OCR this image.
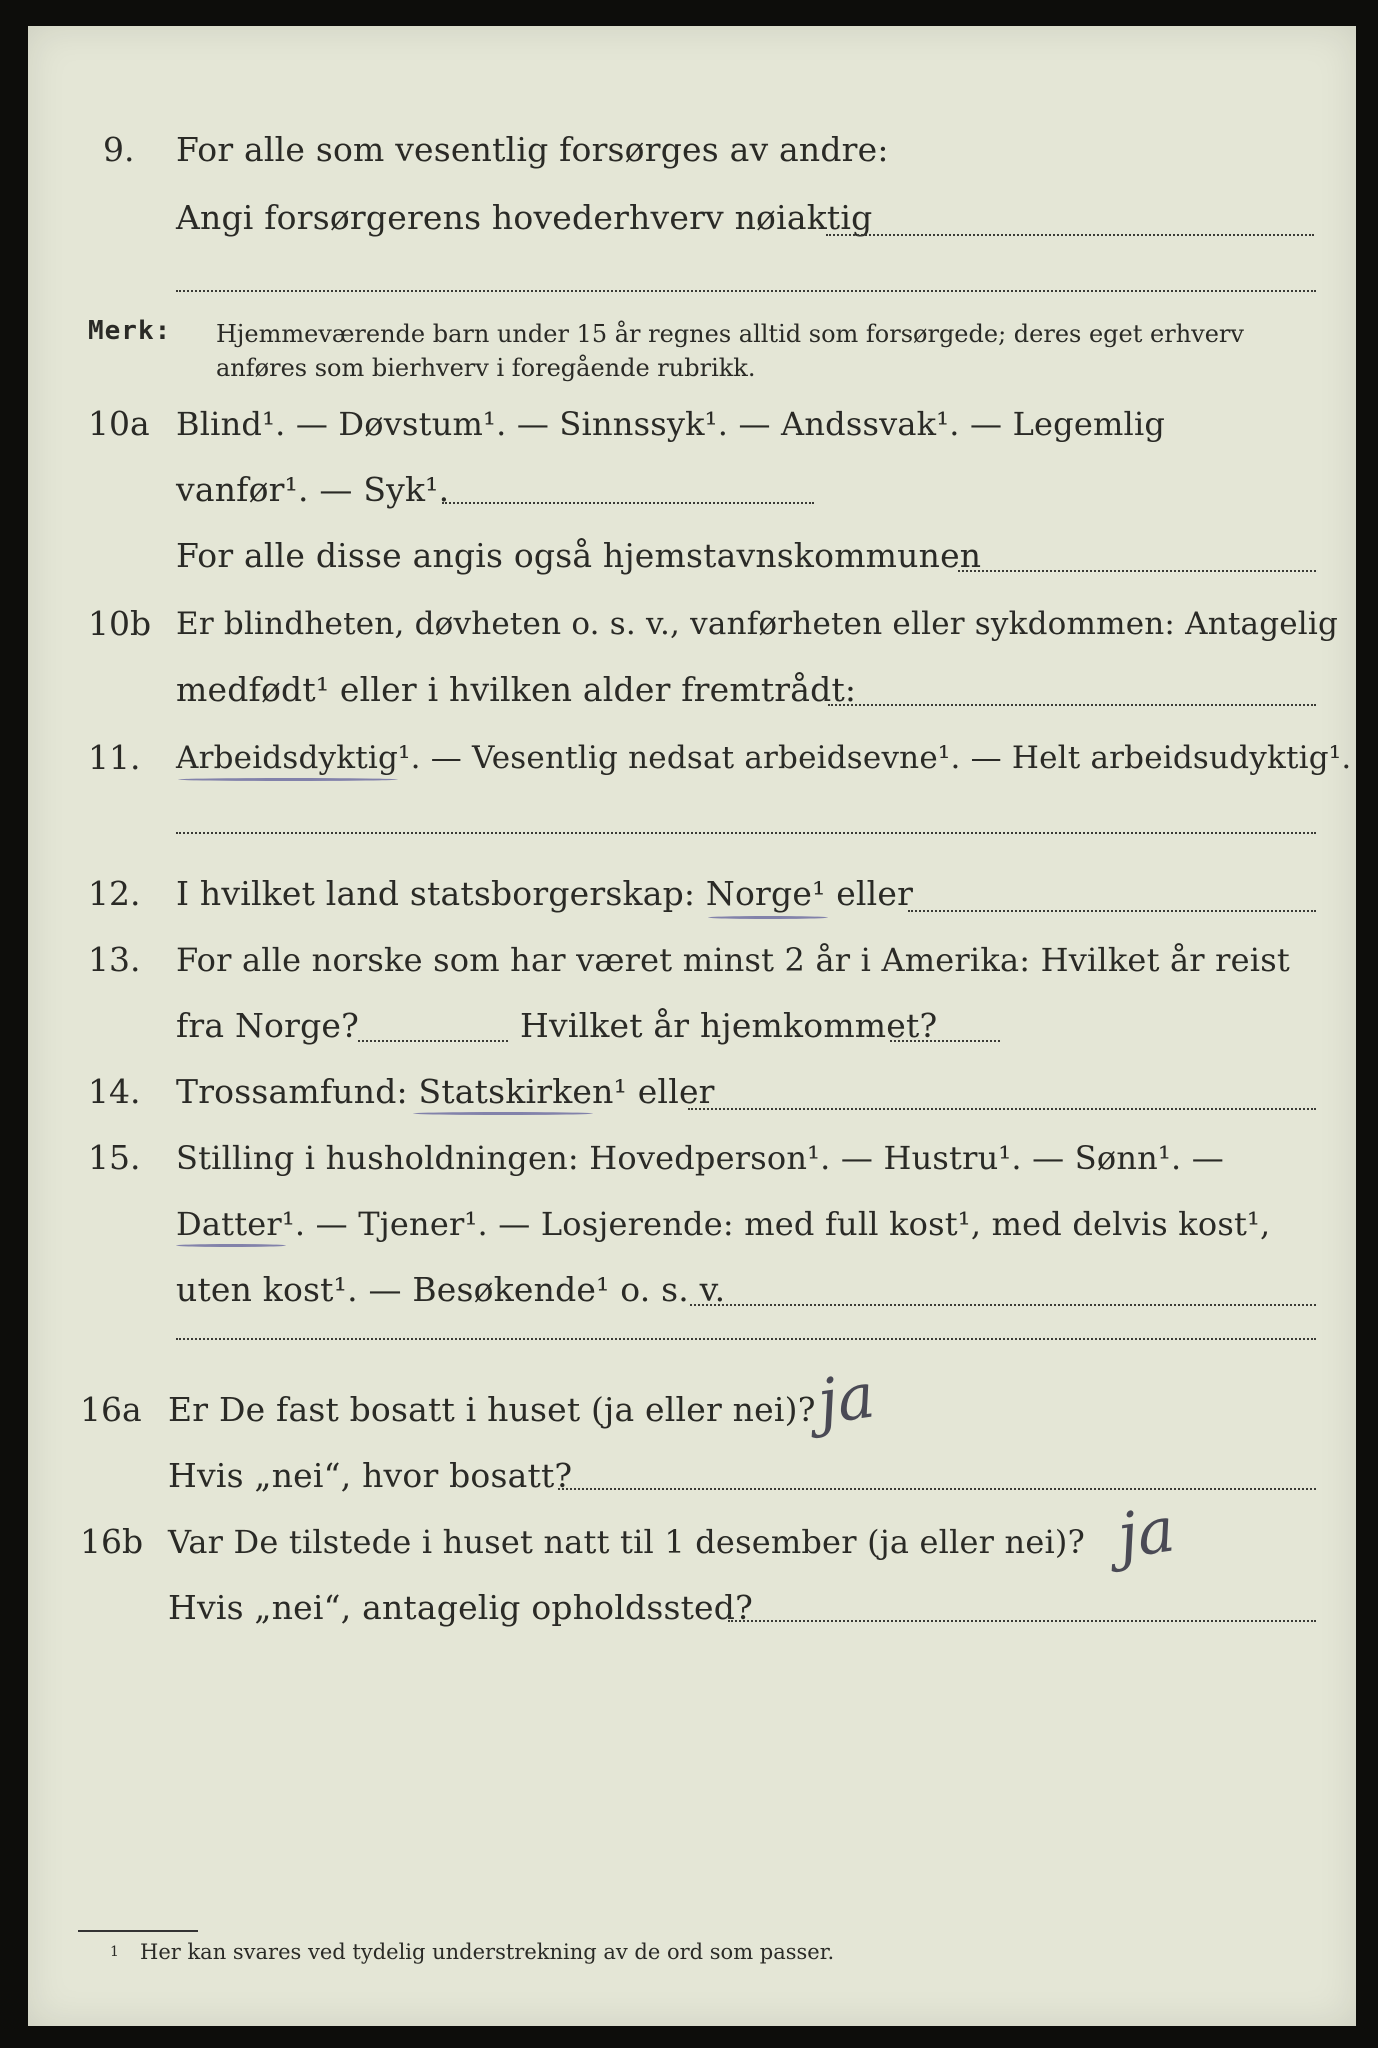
9. For alle som vesentlig forsørges av andre:
Angi forsørgerens hovederhverv nøiaktig
Merk: Hjemmeværende barn under 15 år regnes alltid som forsørgede; deres eget erhverv
anføres som bierhverv i foregående rubrikk.
10a Blind¹. — Døvstum¹. — Sinnssyk¹. — Andssvak¹. — Legemlig
vanfør¹. — Syk¹.
For alle disse angis også hjemstavnskommunen
10b Er blindheten, døvheten o. s. v., vanførheten eller sykdommen: Antagelig
medfødt¹ eller i hvilken alder fremtrådt:
11. Arbeidsdyktig¹. — Vesentlig nedsat arbeidsevne¹. — Helt arbeidsudyktig¹.
12. I hvilket land statsborgerskap: Norge¹ eller
13. For alle norske som har været minst 2 år i Amerika: Hvilket år reist
fra Norge?	Hvilket år hjemkommet?
14. Trossamfund: Statskirken¹ eller
15. Stilling i husholdningen: Hovedperson¹. — Hustru¹. — Sønn¹. —
Datter¹. — Tjener¹. — Losjerende: med full kost¹, med delvis kost¹,
uten kost¹. — Besøkende¹ o. s. v.
16a Er De fast bosatt i huset (ja eller nei)?
ja
Hvis „nei“, hvor bosatt?
16b Var De tilstede i huset natt til 1 desember (ja eller nei)? ja
Hvis „nei“, antagelig opholdssted?
1 Her kan svares ved tydelig understrekning av de ord som passer.
